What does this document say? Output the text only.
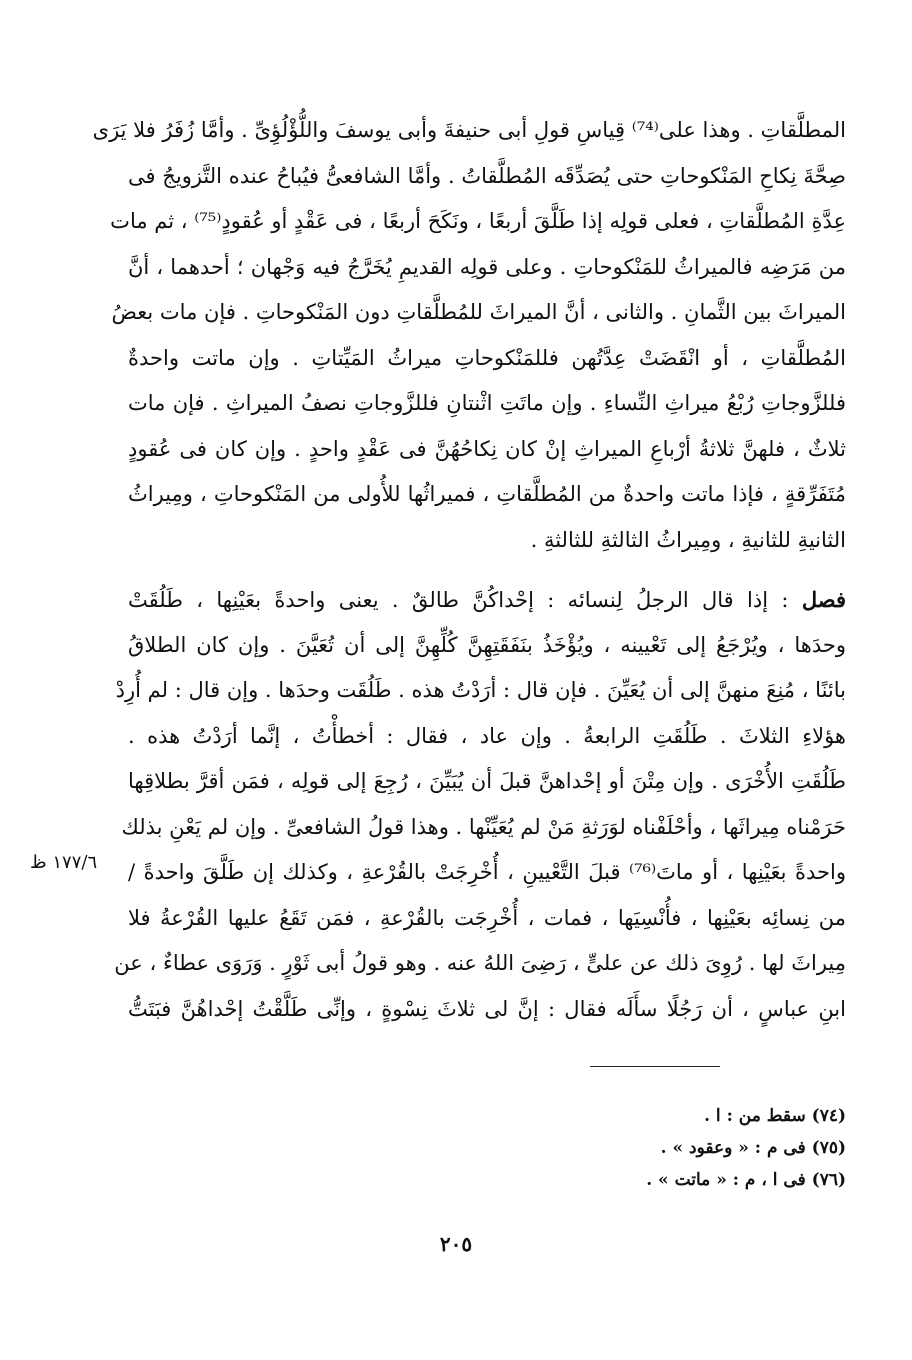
المطلَّقاتِ . وهذا على⁽⁷⁴⁾ قِياسِ قولِ أبى حنيفةَ وأبى يوسفَ واللُّؤْلُؤِىِّ . وأمَّا زُفَرُ فلا يَرَى
صِحَّةَ نِكاحِ المَنْكوحاتِ حتى يُصَدِّقَه المُطلَّقاتُ . وأمَّا الشافعىُّ فيُباحُ عنده التَّزويجُ فى
عِدَّةِ المُطلَّقاتِ ، فعلى قولِه إذا طَلَّقَ أربعًا ، ونَكَحَ أربعًا ، فى عَقْدٍ أو عُقودٍ⁽⁷⁵⁾ ، ثم مات
من مَرَضِه فالميراثُ للمَنْكوحاتِ . وعلى قولِه القديمِ يُخَرَّجُ فيه وَجْهان ؛ أحدهما ، أنَّ
الميراثَ بين الثَّمانِ . والثانى ، أنَّ الميراثَ للمُطلَّقاتِ دون المَنْكوحاتِ . فإن مات بعضُ
المُطلَّقاتِ ، أو انْقَضَتْ عِدَّتُهن فللمَنْكوحاتِ ميراثُ المَيِّتاتِ . وإن ماتت واحدةٌ
فللزَّوجاتِ رُبْعُ ميراثِ النِّساءِ . وإن ماتَتِ اثْنتانِ فللزَّوجاتِ نصفُ الميراثِ . فإن مات
ثلاثٌ ، فلهنَّ ثلاثةُ أرْباعِ الميراثِ إنْ كان نِكاحُهُنَّ فى عَقْدٍ واحدٍ . وإن كان فى عُقودٍ
مُتَفَرِّقةٍ ، فإذا ماتت واحدةٌ من المُطلَّقاتِ ، فميراثُها للأُولى من المَنْكوحاتِ ، ومِيراثُ
الثانيةِ للثانيةِ ، ومِيراثُ الثالثةِ للثالثةِ .
فصل : إذا قال الرجلُ لِنسائه : إحْداكُنَّ طالقٌ . يعنى واحدةً بعَيْنِها ، طَلُقَتْ
وحدَها ، ويُرْجَعُ إلى تَعْيينه ، ويُؤْخَذُ بنَفَقَتِهِنَّ كُلِّهِنَّ إلى أن تُعَيَّنَ . وإن كان الطلاقُ
بائنًا ، مُنِعَ منهنَّ إلى أن يُعَيِّنَ . فإن قال : أرَدْتُ هذه . طَلُقَت وحدَها . وإن قال : لم أُرِدْ
هؤلاءِ الثلاثَ . طَلُقَتِ الرابعةُ . وإن عاد ، فقال : أخطأْتُ ، إنَّما أرَدْتُ هذه .
طَلُقَتِ الأُخْرَى . وإن مِتْنَ أو إحْداهنَّ قبلَ أن يُبَيِّنَ ، رُجِعَ إلى قولِه ، فمَن أقرَّ بطلاقِها
حَرَمْناه مِيراثَها ، وأحْلَفْناه لوَرَثةِ مَنْ لم يُعَيِّنْها . وهذا قولُ الشافعىِّ . وإن لم يَعْنِ بذلك
واحدةً بعَيْنِها ، أو ماتَ⁽⁷⁶⁾ قبلَ التَّعْيينِ ، أُخْرِجَتْ بالقُرْعةِ ، وكذلك إن طَلَّقَ واحدةً /
من نِسائِه بعَيْنِها ، فأُنْسِيَها ، فمات ، أُخْرِجَت بالقُرْعةِ ، فمَن تَقَعُ عليها القُرْعةُ فلا
مِيراثَ لها . رُوِىَ ذلك عن علىٍّ ، رَضِىَ اللهُ عنه . وهو قولُ أبى ثَوْرٍ . وَرَوَى عطاءٌ ، عن
ابنِ عباسٍ ، أن رَجُلًا سأَلَه فقال : إنَّ لى ثلاثَ نِسْوةٍ ، وإنِّى طَلَّقْتُ إحْداهُنَّ فبَتَتُّ
١٧٧/٦ ظ
(٧٤) سقط من : ا .
(٧٥) فى م : « وعقود » .
(٧٦) فى ا ، م : « ماتت » .
٢٠٥
